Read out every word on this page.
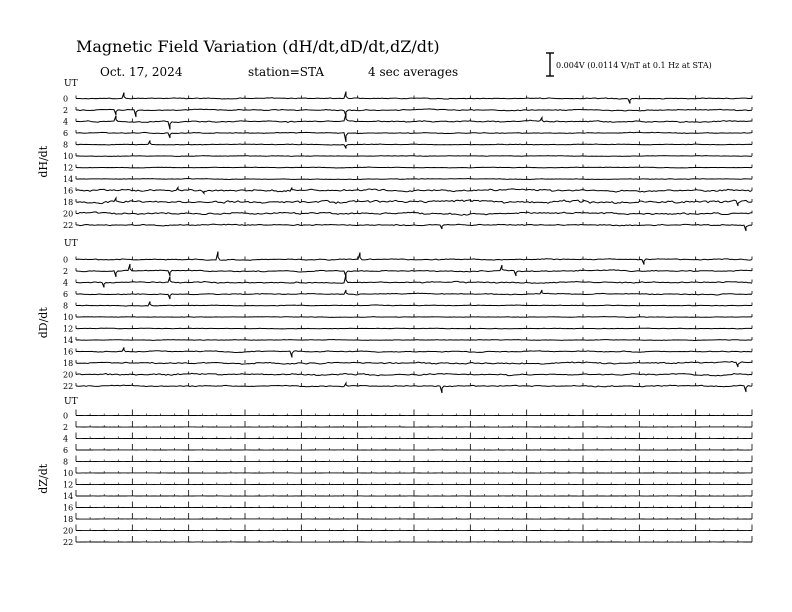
Magnetic Field Variation (dH/dt,dD/dt,dZ/dt)
Oct. 17, 2024	station=STA	4 sec averages	0.004V (0.0114 V/nT at 0.1 Hz at STA)
UT
dH/dt
0
2
4
6
8
10
12
14
16
18
20
22
UT
dD/dt
0
2
4
6
8
10
12
14
16
18
20
22
UT
dZ/dt
0
2
4
6
8
10
12
14
16
18
20
22
